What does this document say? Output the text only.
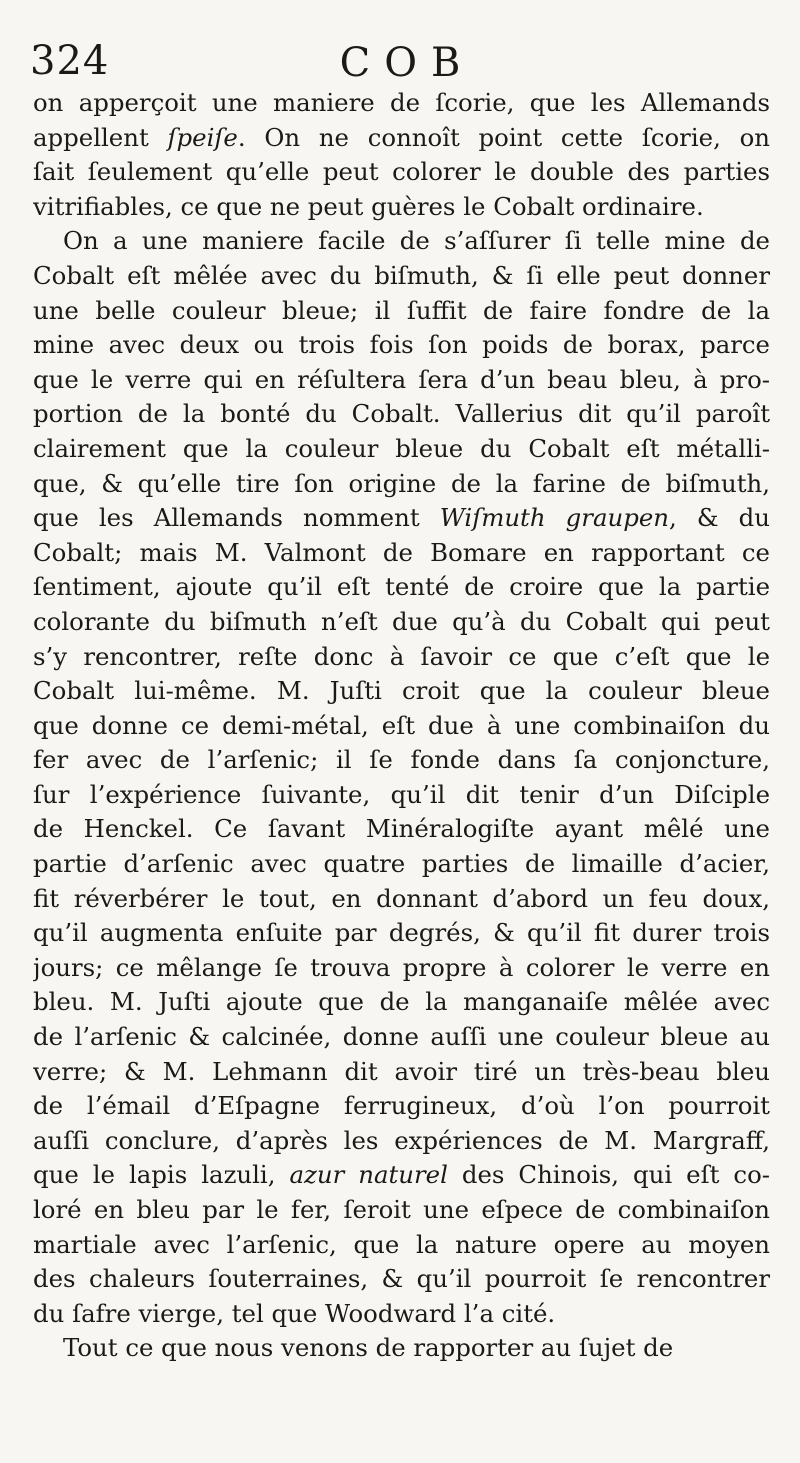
324	COB
on apperçoit une maniere de ſcorie, que les Allemands
appellent ſpeiſe. On ne connoît point cette ſcorie, on
ſait ſeulement qu’elle peut colorer le double des parties
vitrifiables, ce que ne peut guères le Cobalt ordinaire.
On a une maniere facile de s’aſſurer ſi telle mine de
Cobalt eſt mêlée avec du biſmuth, & ſi elle peut donner
une belle couleur bleue; il ſuffit de faire fondre de la
mine avec deux ou trois fois ſon poids de borax, parce
que le verre qui en réſultera ſera d’un beau bleu, à pro-
portion de la bonté du Cobalt. Vallerius dit qu’il paroît
clairement que la couleur bleue du Cobalt eſt métalli-
que, & qu’elle tire ſon origine de la farine de biſmuth,
que les Allemands nomment Wiſmuth graupen, & du
Cobalt; mais M. Valmont de Bomare en rapportant ce
ſentiment, ajoute qu’il eſt tenté de croire que la partie
colorante du biſmuth n’eſt due qu’à du Cobalt qui peut
s’y rencontrer, reſte donc à ſavoir ce que c’eſt que le
Cobalt lui-même. M. Juſti croit que la couleur bleue
que donne ce demi-métal, eſt due à une combinaiſon du
fer avec de l’arſenic; il ſe fonde dans ſa conjoncture,
ſur l’expérience ſuivante, qu’il dit tenir d’un Diſciple
de Henckel. Ce ſavant Minéralogiſte ayant mêlé une
partie d’arſenic avec quatre parties de limaille d’acier,
fit réverbérer le tout, en donnant d’abord un feu doux,
qu’il augmenta enſuite par degrés, & qu’il fit durer trois
jours; ce mêlange ſe trouva propre à colorer le verre en
bleu. M. Juſti ajoute que de la manganaiſe mêlée avec
de l’arſenic & calcinée, donne auſſi une couleur bleue au
verre; & M. Lehmann dit avoir tiré un très-beau bleu
de l’émail d’Eſpagne ferrugineux, d’où l’on pourroit
auſſi conclure, d’après les expériences de M. Margraff,
que le lapis lazuli, azur naturel des Chinois, qui eſt co-
loré en bleu par le fer, ſeroit une eſpece de combinaiſon
martiale avec l’arſenic, que la nature opere au moyen
des chaleurs ſouterraines, & qu’il pourroit ſe rencontrer
du ſafre vierge, tel que Woodward l’a cité.
Tout ce que nous venons de rapporter au ſujet de
